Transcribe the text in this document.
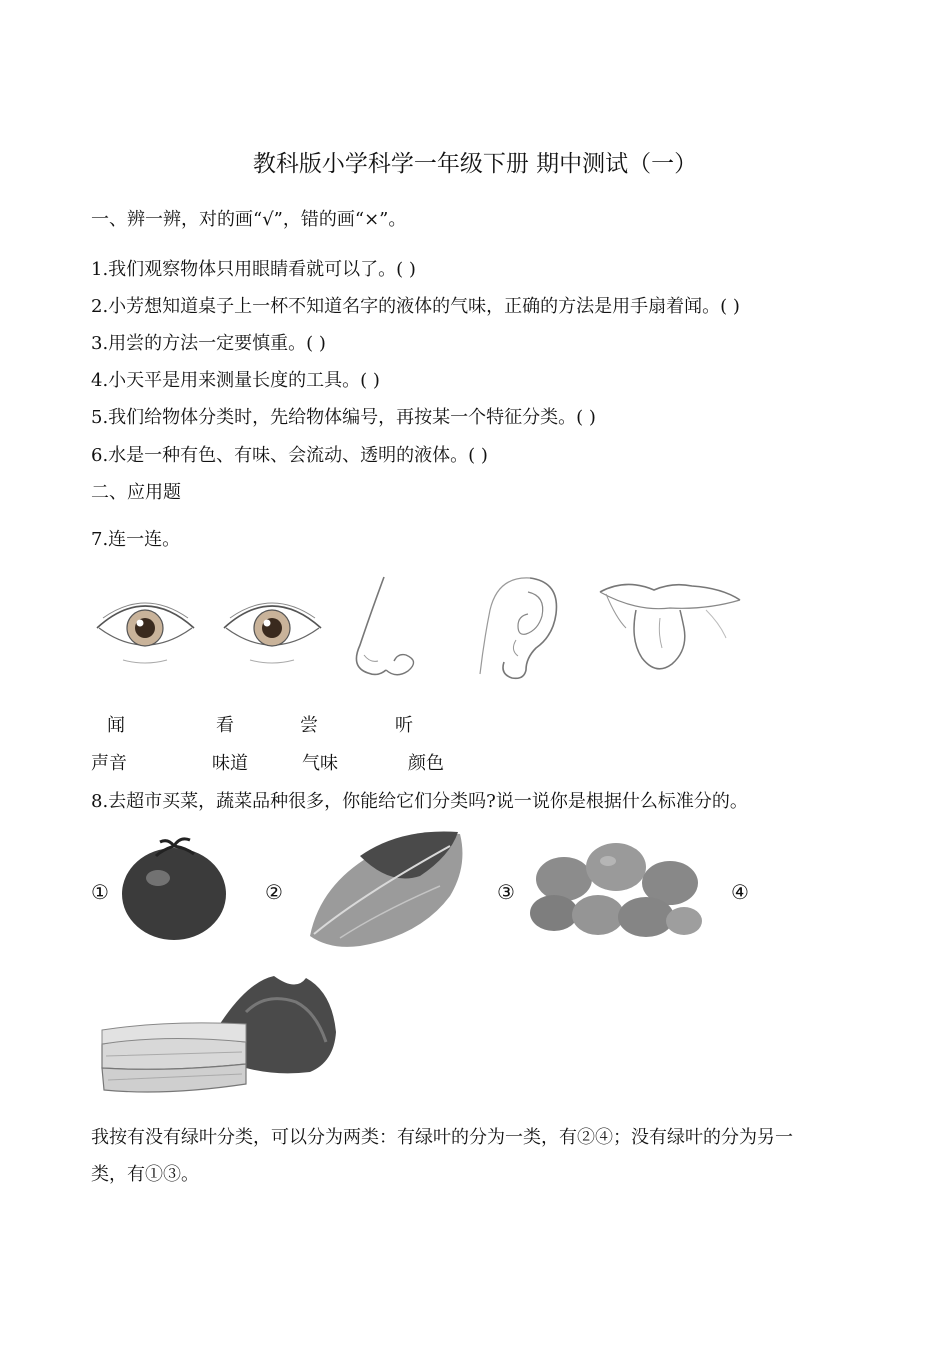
教科版小学科学一年级下册 期中测试（一）
一、辨一辨，对的画“√”，错的画“×”。
1.我们观察物体只用眼睛看就可以了。( )
2.小芳想知道桌子上一杯不知道名字的液体的气味，正确的方法是用手扇着闻。( )
3.用尝的方法一定要慎重。( )
4.小天平是用来测量长度的工具。( )
5.我们给物体分类时，先给物体编号，再按某一个特征分类。( )
6.水是一种有色、有味、会流动、透明的液体。( )
二、应用题
7.连一连。
闻	看	尝	听
声音	味道	气味	颜色
8.去超市买菜，蔬菜品种很多，你能给它们分类吗?说一说你是根据什么标准分的。
①	②	③	④
我按有没有绿叶分类，可以分为两类：有绿叶的分为一类，有②④；没有绿叶的分为另一
类，有①③。
